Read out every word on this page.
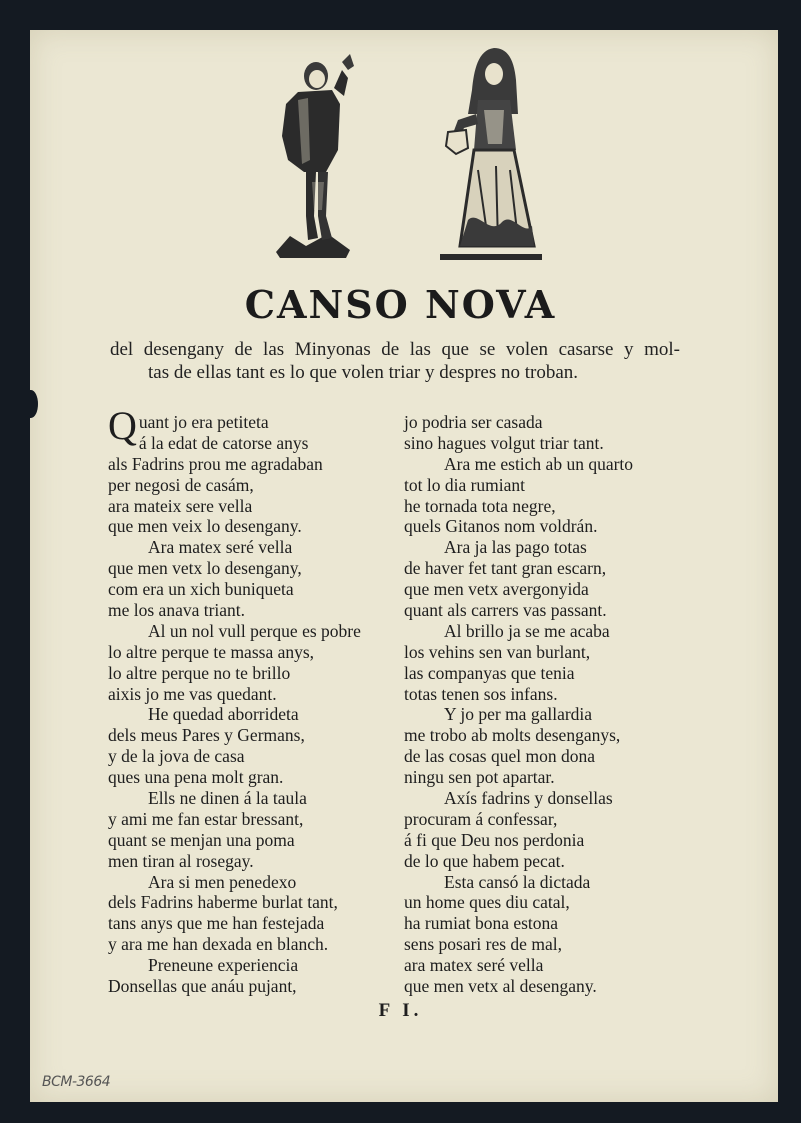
CANSO NOVA
del desengany de las Minyonas de las que se volen casarse y mol-
tas de ellas tant es lo que volen triar y despres no troban.
Quant jo era petiteta
á la edat de catorse anys
als Fadrins prou me agradaban
per negosi de casám,
ara mateix sere vella
que men veix lo desengany.
Ara matex seré vella
que men vetx lo desengany,
com era un xich buniqueta
me los anava triant.
Al un nol vull perque es pobre
lo altre perque te massa anys,
lo altre perque no te brillo
aixis jo me vas quedant.
He quedad aborrideta
dels meus Pares y Germans,
y de la jova de casa
ques una pena molt gran.
Ells ne dinen á la taula
y ami me fan estar bressant,
quant se menjan una poma
men tiran al rosegay.
Ara si men penedexo
dels Fadrins haberme burlat tant,
tans anys que me han festejada
y ara me han dexada en blanch.
Preneune experiencia
Donsellas que anáu pujant,
jo podria ser casada
sino hagues volgut triar tant.
Ara me estich ab un quarto
tot lo dia rumiant
he tornada tota negre,
quels Gitanos nom voldrán.
Ara ja las pago totas
de haver fet tant gran escarn,
que men vetx avergonyida
quant als carrers vas passant.
Al brillo ja se me acaba
los vehins sen van burlant,
las companyas que tenia
totas tenen sos infans.
Y jo per ma gallardia
me trobo ab molts desenganys,
de las cosas quel mon dona
ningu sen pot apartar.
Axís fadrins y donsellas
procuram á confessar,
á fi que Deu nos perdonia
de lo que habem pecat.
Esta cansó la dictada
un home ques diu catal,
ha rumiat bona estona
sens posari res de mal,
ara matex seré vella
que men vetx al desengany.
F I.
BCM-3664
